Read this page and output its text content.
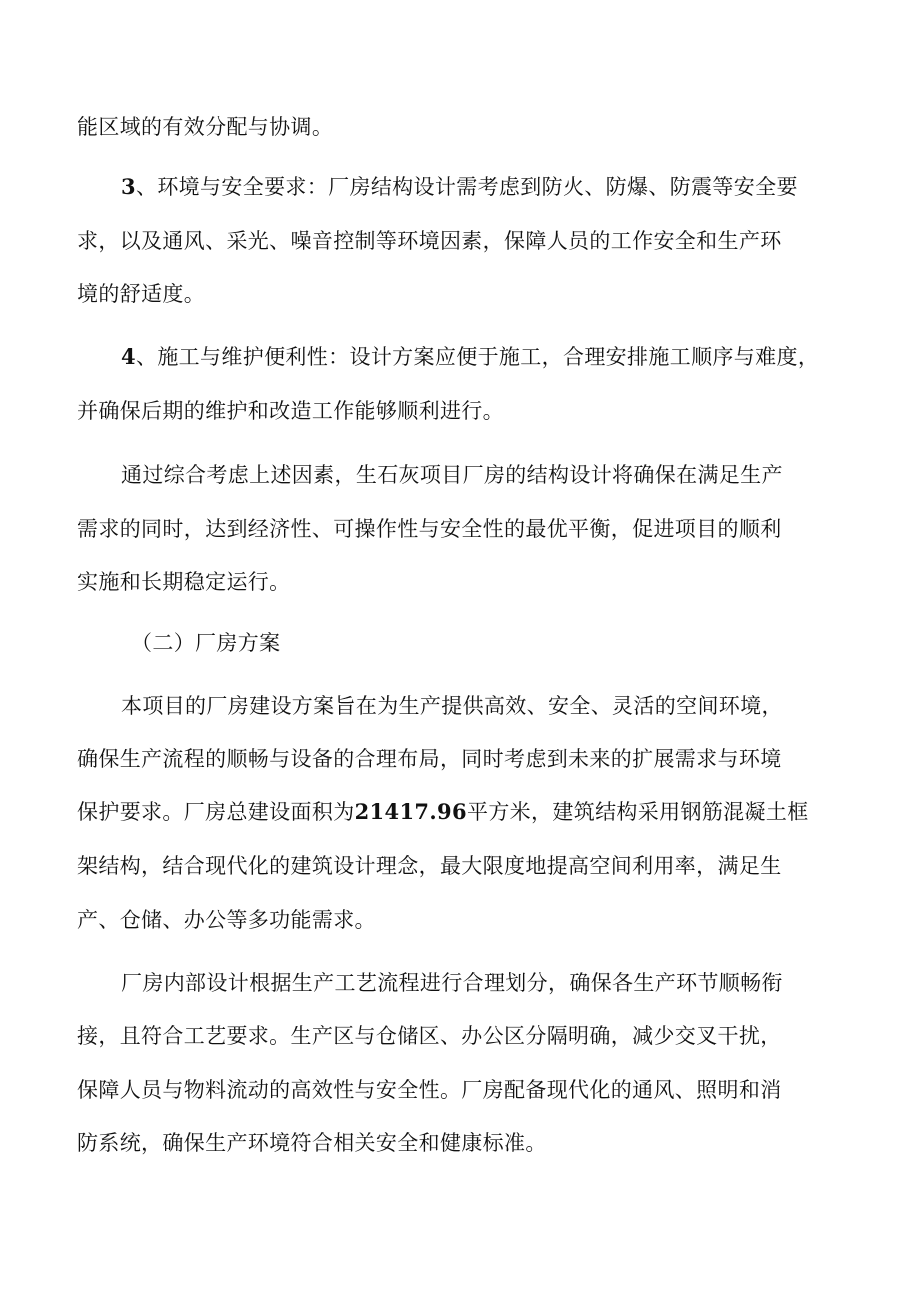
能区域的有效分配与协调。
3、环境与安全要求：厂房结构设计需考虑到防火、防爆、防震等安全要
求，以及通风、采光、噪音控制等环境因素，保障人员的工作安全和生产环
境的舒适度。
4、施工与维护便利性：设计方案应便于施工，合理安排施工顺序与难度，
并确保后期的维护和改造工作能够顺利进行。
通过综合考虑上述因素，生石灰项目厂房的结构设计将确保在满足生产
需求的同时，达到经济性、可操作性与安全性的最优平衡，促进项目的顺利
实施和长期稳定运行。
（二）厂房方案
本项目的厂房建设方案旨在为生产提供高效、安全、灵活的空间环境，
确保生产流程的顺畅与设备的合理布局，同时考虑到未来的扩展需求与环境
保护要求。厂房总建设面积为21417.96平方米，建筑结构采用钢筋混凝土框
架结构，结合现代化的建筑设计理念，最大限度地提高空间利用率，满足生
产、仓储、办公等多功能需求。
厂房内部设计根据生产工艺流程进行合理划分，确保各生产环节顺畅衔
接，且符合工艺要求。生产区与仓储区、办公区分隔明确，减少交叉干扰，
保障人员与物料流动的高效性与安全性。厂房配备现代化的通风、照明和消
防系统，确保生产环境符合相关安全和健康标准。
